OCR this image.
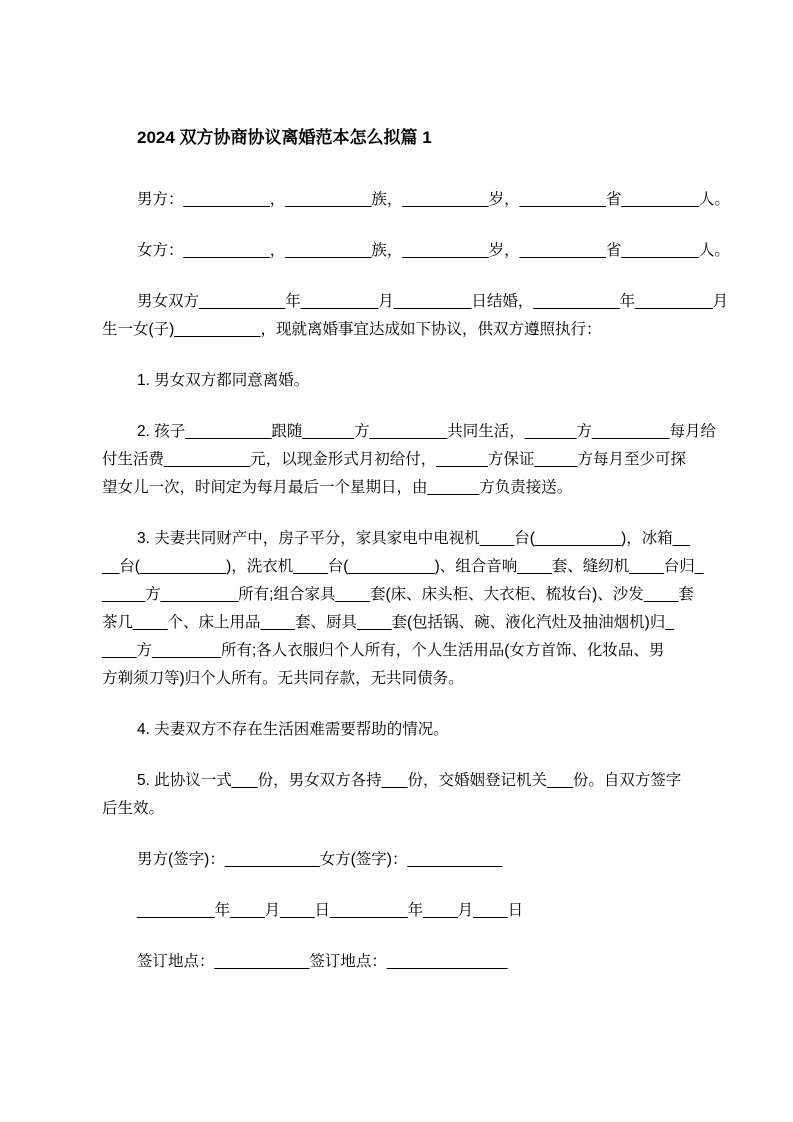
2024 双方协商协议离婚范本怎么拟篇 1

男方：__________，__________族，__________岁，__________省_________人。

女方：__________，__________族，__________岁，__________省_________人。

男女双方__________年_________月_________日结婚，__________年_________月
生一女(子)__________，现就离婚事宜达成如下协议，供双方遵照执行：

1. 男女双方都同意离婚。

2. 孩子__________跟随______方_________共同生活，______方_________每月给
付生活费__________元，以现金形式月初给付，______方保证_____方每月至少可探
望女儿一次，时间定为每月最后一个星期日，由______方负责接送。

3. 夫妻共同财产中，房子平分，家具家电中电视机____台(__________)，冰箱__
__台(__________)，洗衣机____台(__________)、组合音响____套、缝纫机____台归_
_____方_________所有;组合家具____套(床、床头柜、大衣柜、梳妆台)、沙发____套
茶几____个、床上用品____套、厨具____套(包括锅、碗、液化汽灶及抽油烟机)归_
____方________所有;各人衣服归个人所有，个人生活用品(女方首饰、化妆品、男
方剃须刀等)归个人所有。无共同存款，无共同债务。

4. 夫妻双方不存在生活困难需要帮助的情况。

5. 此协议一式___份，男女双方各持___份，交婚姻登记机关___份。自双方签字
后生效。

男方(签字)：___________女方(签字)：___________

_________年____月____日_________年____月____日

签订地点：___________签订地点：______________
